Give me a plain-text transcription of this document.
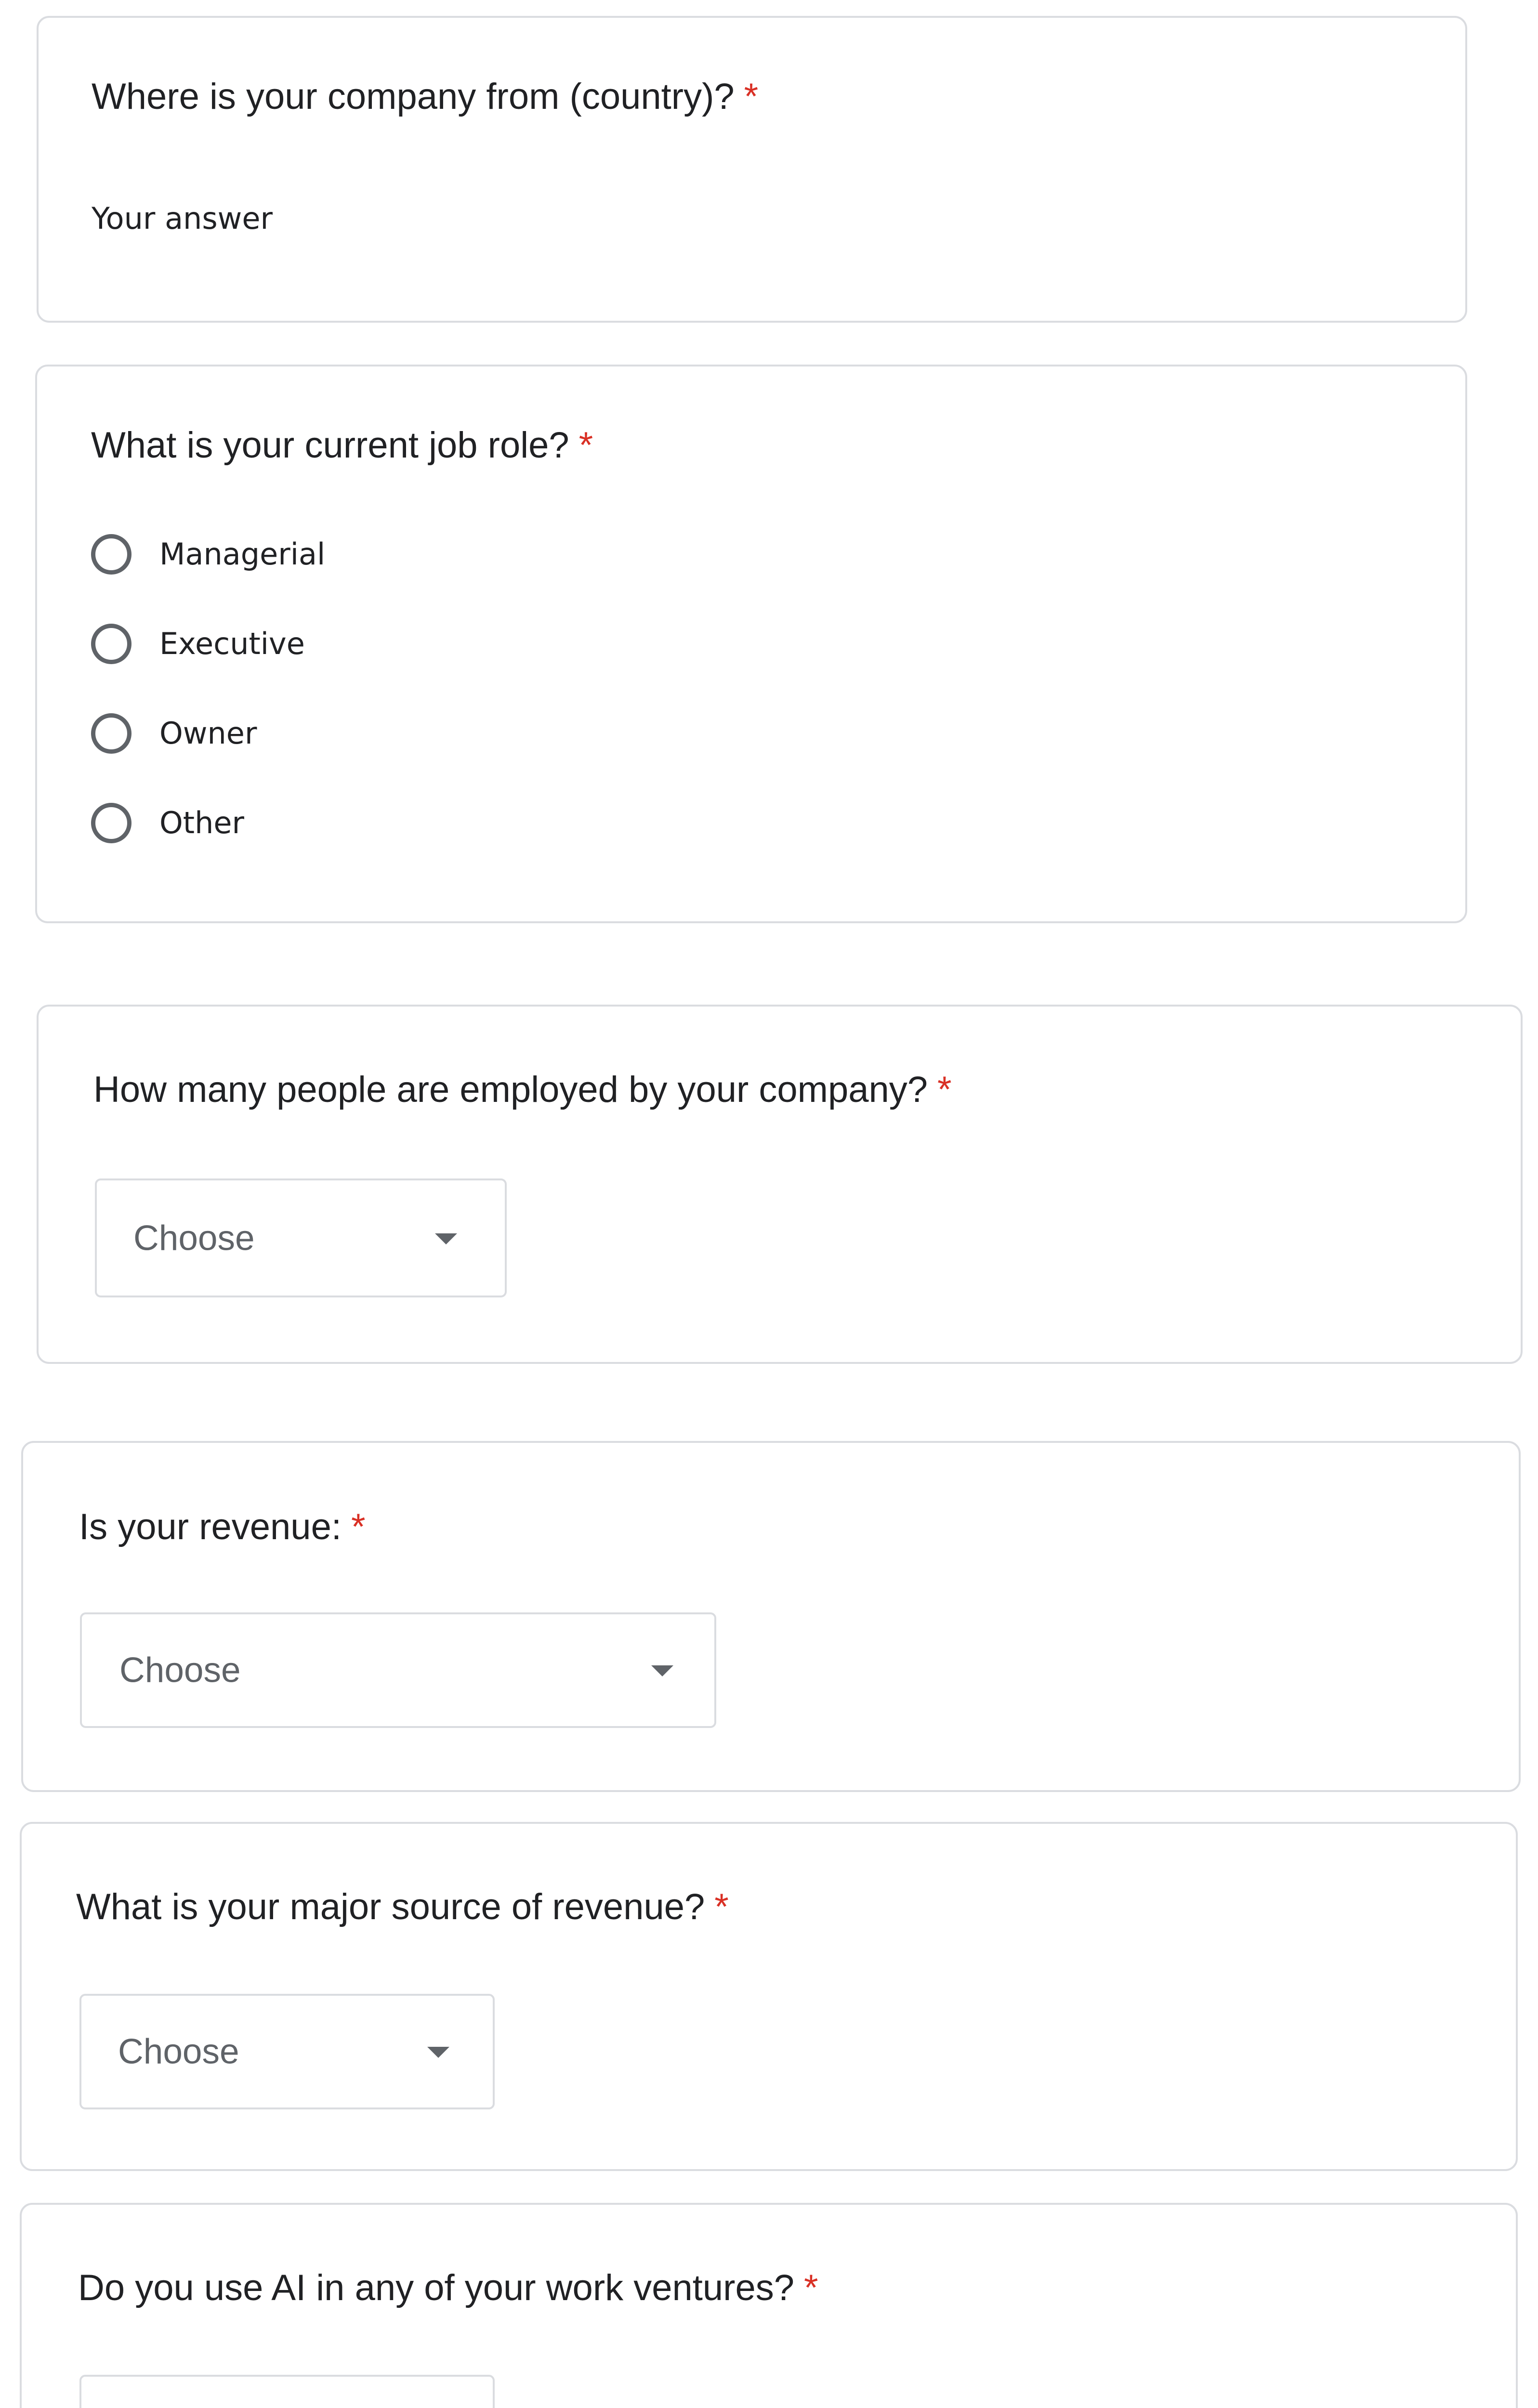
Where is your company from (country)? *
Your answer
What is your current job role? *
Managerial
Executive
Owner
Other
How many people are employed by your company? *
Choose
Is your revenue: *
Choose
What is your major source of revenue? *
Choose
Do you use AI in any of your work ventures? *
